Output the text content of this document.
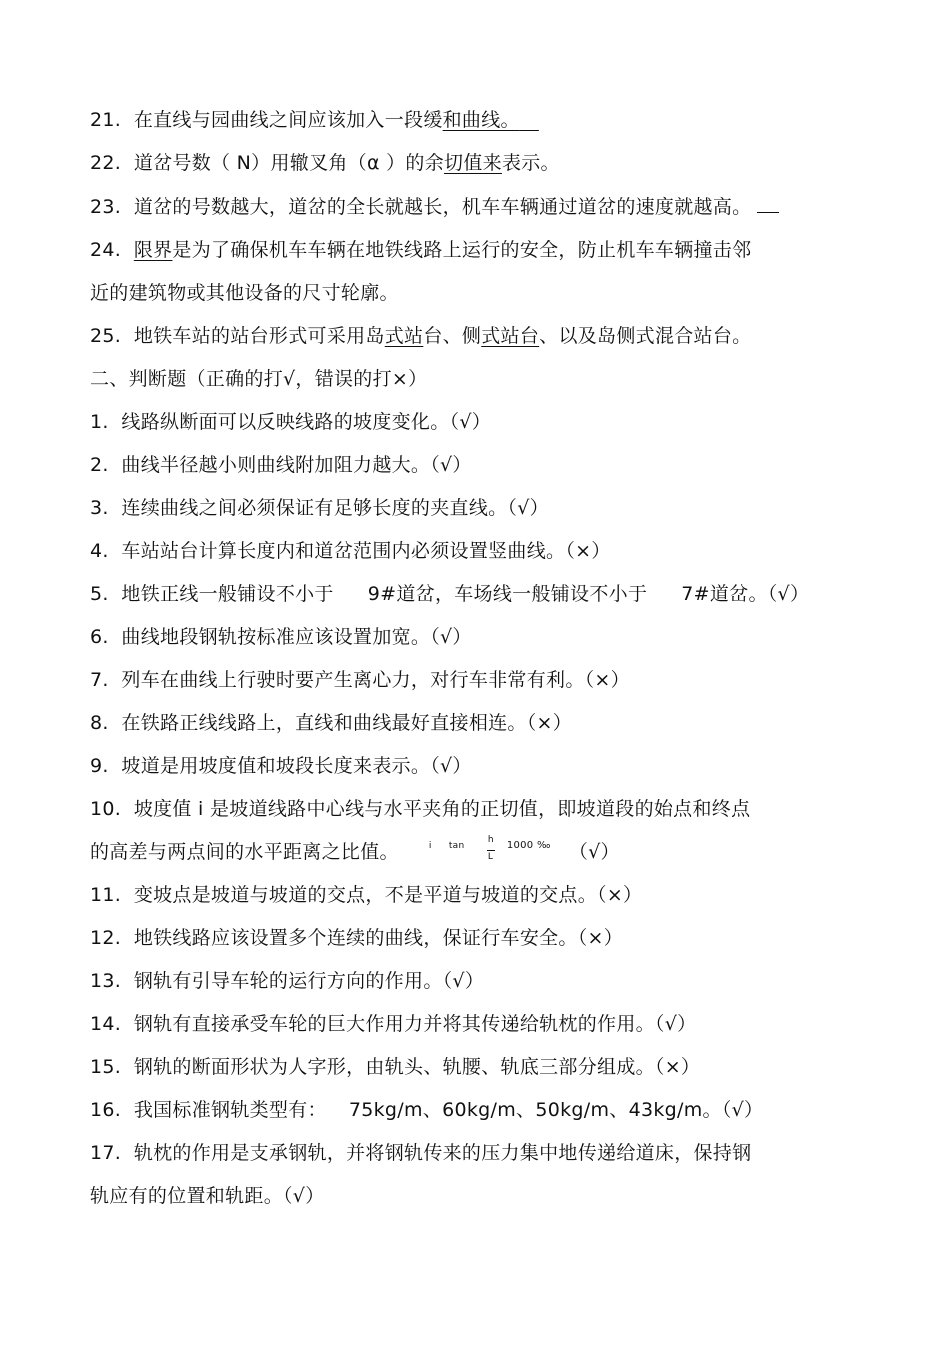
21. 在直线与园曲线之间应该加入一段缓和曲线。
22. 道岔号数（ N）用辙叉角（α ）的余切值来表示。
23. 道岔的号数越大，道岔的全长就越长，机车车辆通过道岔的速度就越高。
24. 限界是为了确保机车车辆在地铁线路上运行的安全，防止机车车辆撞击邻
近的建筑物或其他设备的尺寸轮廓。
25. 地铁车站的站台形式可采用岛式站台、侧式站台、以及岛侧式混合站台。
二、判断题（正确的打√，错误的打×）
1. 线路纵断面可以反映线路的坡度变化。（√）
2. 曲线半径越小则曲线附加阻力越大。（√）
3. 连续曲线之间必须保证有足够长度的夹直线。（√）
4. 车站站台计算长度内和道岔范围内必须设置竖曲线。（×）
5. 地铁正线一般铺设不小于 9#道岔，车场线一般铺设不小于 7#道岔。（√）
6. 曲线地段钢轨按标准应该设置加宽。（√）
7. 列车在曲线上行驶时要产生离心力，对行车非常有利。（×）
8. 在铁路正线线路上，直线和曲线最好直接相连。（×）
9. 坡道是用坡度值和坡段长度来表示。（√）
10. 坡度值 i 是坡道线路中心线与水平夹角的正切值，即坡道段的始点和终点
的高差与两点间的水平距离之比值。	i tan
h
L
1000 ‰ （√）
11. 变坡点是坡道与坡道的交点，不是平道与坡道的交点。（×）
12. 地铁线路应该设置多个连续的曲线，保证行车安全。（×）
13. 钢轨有引导车轮的运行方向的作用。（√）
14. 钢轨有直接承受车轮的巨大作用力并将其传递给轨枕的作用。（√）
15. 钢轨的断面形状为人字形，由轨头、轨腰、轨底三部分组成。（×）
16. 我国标准钢轨类型有： 75kg/m、60kg/m、50kg/m、43kg/m。（√）
17. 轨枕的作用是支承钢轨，并将钢轨传来的压力集中地传递给道床，保持钢
轨应有的位置和轨距。（√）
